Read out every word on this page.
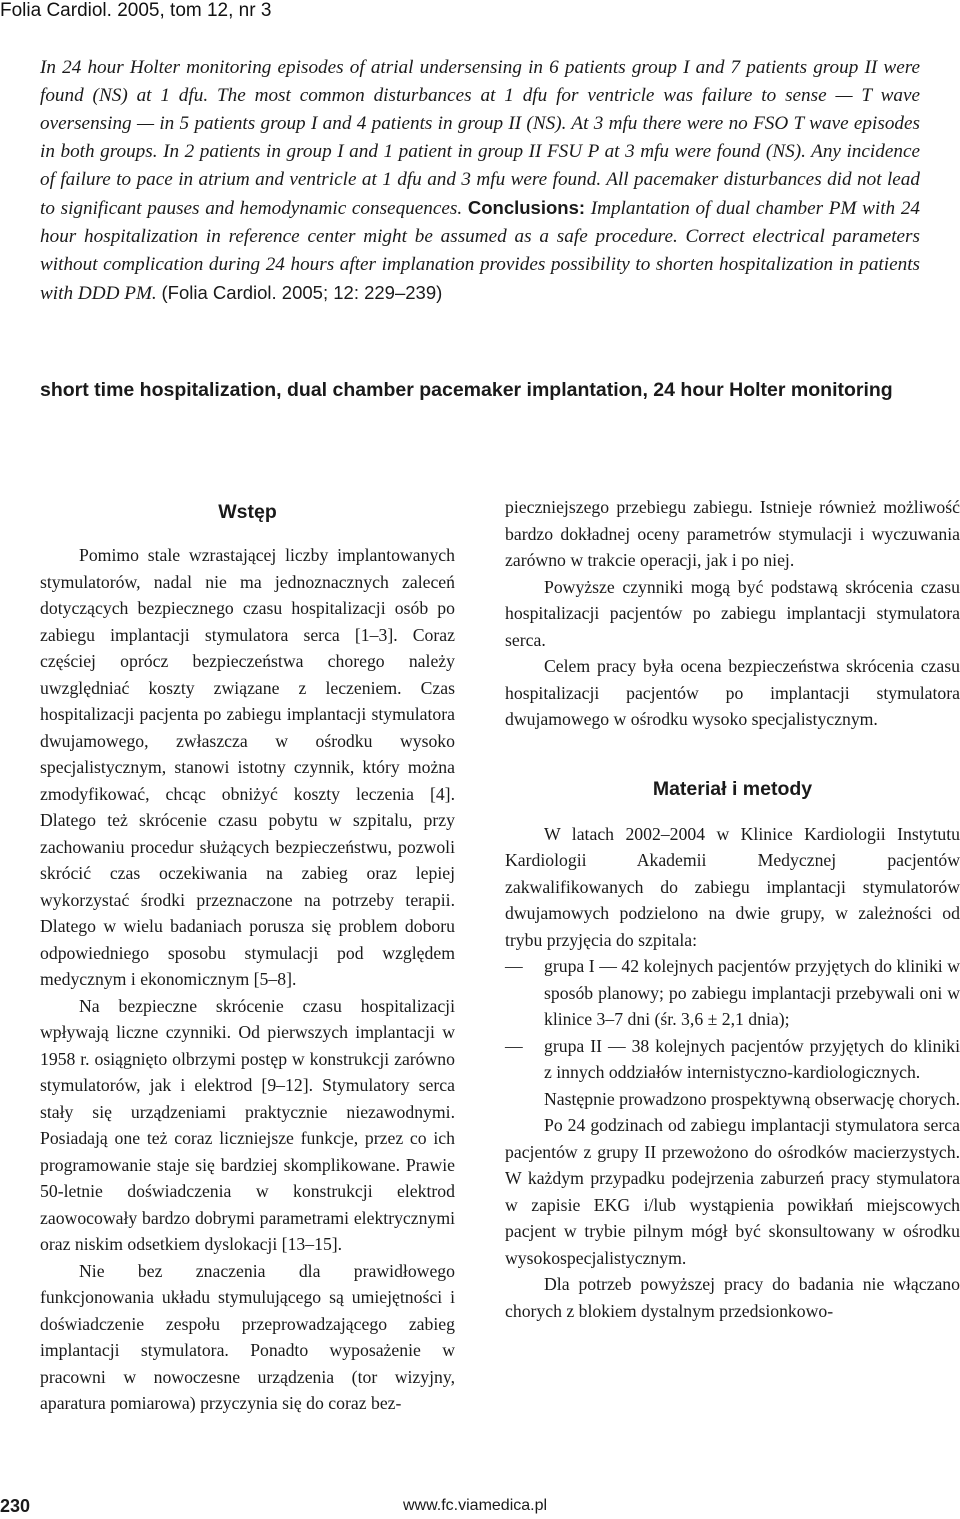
Folia Cardiol. 2005, tom 12, nr 3

In 24 hour Holter monitoring episodes of atrial undersensing in 6 patients group I and 7 patients group II were found (NS) at 1 dfu. The most common disturbances at 1 dfu for ventricle was failure to sense — T wave oversensing — in 5 patients group I and 4 patients in group II (NS). At 3 mfu there were no FSO T wave episodes in both groups. In 2 patients in group I and 1 patient in group II FSU P at 3 mfu were found (NS). Any incidence of failure to pace in atrium and ventricle at 1 dfu and 3 mfu were found. All pacemaker disturbances did not lead to significant pauses and hemodynamic consequences. Conclusions: Implantation of dual chamber PM with 24 hour hospitalization in reference center might be assumed as a safe procedure. Correct electrical parameters without complication during 24 hours after implanation provides possibility to shorten hospitalization in patients with DDD PM. (Folia Cardiol. 2005; 12: 229–239)

short time hospitalization, dual chamber pacemaker implantation, 24 hour Holter monitoring
Wstęp

Pomimo stale wzrastającej liczby implantowanych stymulatorów, nadal nie ma jednoznacznych zaleceń dotyczących bezpiecznego czasu hospitalizacji osób po zabiegu implantacji stymulatora serca [1–3]. Coraz częściej oprócz bezpieczeństwa chorego należy uwzględniać koszty związane z leczeniem. Czas hospitalizacji pacjenta po zabiegu implantacji stymulatora dwujamowego, zwłaszcza w ośrodku wysoko specjalistycznym, stanowi istotny czynnik, który można zmodyfikować, chcąc obniżyć koszty leczenia [4]. Dlatego też skrócenie czasu pobytu w szpitalu, przy zachowaniu procedur służących bezpieczeństwu, pozwoli skrócić czas oczekiwania na zabieg oraz lepiej wykorzystać środki przeznaczone na potrzeby terapii. Dlatego w wielu badaniach porusza się problem doboru odpowiedniego sposobu stymulacji pod względem medycznym i ekonomicznym [5–8].

Na bezpieczne skrócenie czasu hospitalizacji wpływają liczne czynniki. Od pierwszych implantacji w 1958 r. osiągnięto olbrzymi postęp w konstrukcji zarówno stymulatorów, jak i elektrod [9–12]. Stymulatory serca stały się urządzeniami praktycznie niezawodnymi. Posiadają one też coraz liczniejsze funkcje, przez co ich programowanie staje się bardziej skomplikowane. Prawie 50-letnie doświadczenia w konstrukcji elektrod zaowocowały bardzo dobrymi parametrami elektrycznymi oraz niskim odsetkiem dyslokacji [13–15].

Nie bez znaczenia dla prawidłowego funkcjonowania układu stymulującego są umiejętności i doświadczenie zespołu przeprowadzającego zabieg implantacji stymulatora. Ponadto wyposażenie w pracowni w nowoczesne urządzenia (tor wizyjny, aparatura pomiarowa) przyczynia się do coraz bez-

pieczniejszego przebiegu zabiegu. Istnieje również możliwość bardzo dokładnej oceny parametrów stymulacji i wyczuwania zarówno w trakcie operacji, jak i po niej.

Powyższe czynniki mogą być podstawą skrócenia czasu hospitalizacji pacjentów po zabiegu implantacji stymulatora serca.

Celem pracy była ocena bezpieczeństwa skrócenia czasu hospitalizacji pacjentów po implantacji stymulatora dwujamowego w ośrodku wysoko specjalistycznym.

Materiał i metody

W latach 2002–2004 w Klinice Kardiologii Instytutu Kardiologii Akademii Medycznej pacjentów zakwalifikowanych do zabiegu implantacji stymulatorów dwujamowych podzielono na dwie grupy, w zależności od trybu przyjęcia do szpitala:

— grupa I — 42 kolejnych pacjentów przyjętych do kliniki w sposób planowy; po zabiegu implantacji przebywali oni w klinice 3–7 dni (śr. 3,6 ± 2,1 dnia);
— grupa II — 38 kolejnych pacjentów przyjętych do kliniki z innych oddziałów internistyczno-kardiologicznych.

Następnie prowadzono prospektywną obserwację chorych.

Po 24 godzinach od zabiegu implantacji stymulatora serca pacjentów z grupy II przewożono do ośrodków macierzystych. W każdym przypadku podejrzenia zaburzeń pracy stymulatora w zapisie EKG i/lub wystąpienia powikłań miejscowych pacjent w trybie pilnym mógł być skonsultowany w ośrodku wysokospecjalistycznym.

Dla potrzeb powyższej pracy do badania nie włączano chorych z blokiem dystalnym przedsionkowo-

230	www.fc.viamedica.pl
